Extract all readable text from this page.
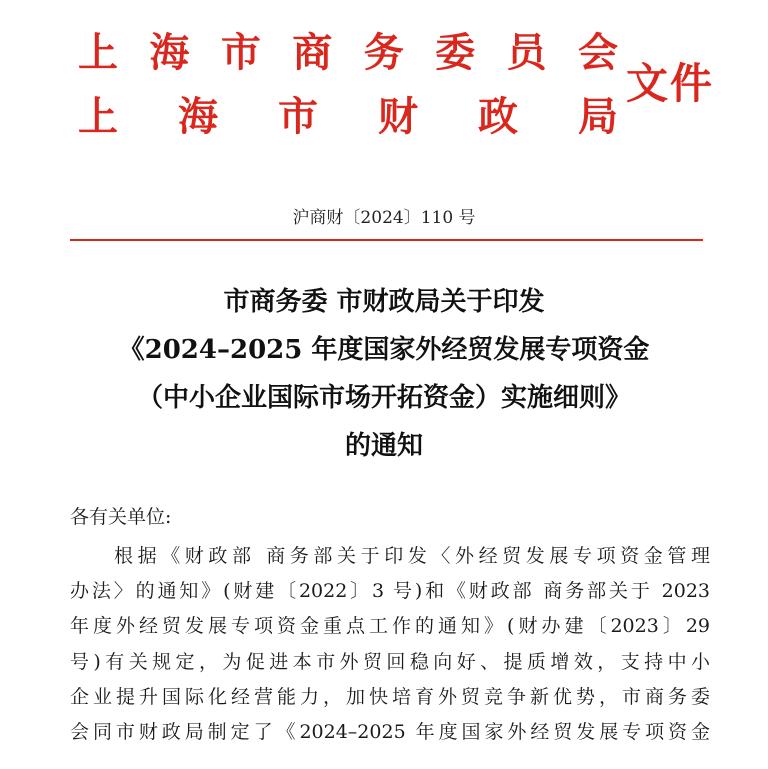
上 海 市 商 务 委 员 会
上 海 市 财 政 局
文件
沪商财〔2024〕110 号
市商务委 市财政局关于印发
《2024–2025 年度国家外经贸发展专项资金
（中小企业国际市场开拓资金）实施细则》
的通知
各有关单位:
根据《财政部 商务部关于印发〈外经贸发展专项资金管理
办法〉的通知》(财建〔2022〕3 号)和《财政部 商务部关于 2023
年度外经贸发展专项资金重点工作的通知》(财办建〔2023〕29
号)有关规定，为促进本市外贸回稳向好、提质增效，支持中小
企业提升国际化经营能力，加快培育外贸竞争新优势，市商务委
会同市财政局制定了《2024–2025 年度国家外经贸发展专项资金
